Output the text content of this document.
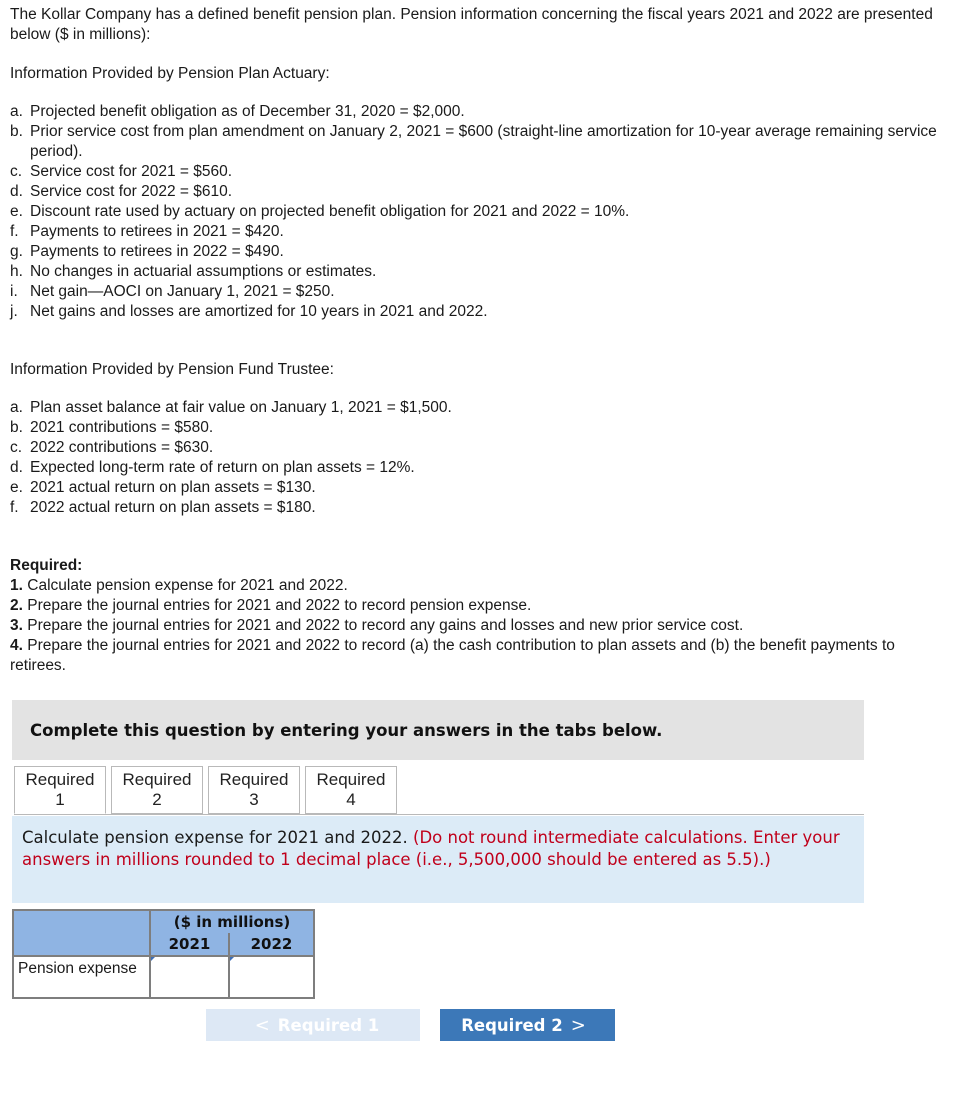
The Kollar Company has a defined benefit pension plan. Pension information concerning the fiscal years 2021 and 2022 are presented below ($ in millions):
Information Provided by Pension Plan Actuary:
a. Projected benefit obligation as of December 31, 2020 = $2,000.
b. Prior service cost from plan amendment on January 2, 2021 = $600 (straight-line amortization for 10-year average remaining service period).
c. Service cost for 2021 = $560.
d. Service cost for 2022 = $610.
e. Discount rate used by actuary on projected benefit obligation for 2021 and 2022 = 10%.
f. Payments to retirees in 2021 = $420.
g. Payments to retirees in 2022 = $490.
h. No changes in actuarial assumptions or estimates.
i. Net gain—AOCI on January 1, 2021 = $250.
j. Net gains and losses are amortized for 10 years in 2021 and 2022.
Information Provided by Pension Fund Trustee:
a. Plan asset balance at fair value on January 1, 2021 = $1,500.
b. 2021 contributions = $580.
c. 2022 contributions = $630.
d. Expected long-term rate of return on plan assets = 12%.
e. 2021 actual return on plan assets = $130.
f. 2022 actual return on plan assets = $180.
Required:
1. Calculate pension expense for 2021 and 2022.
2. Prepare the journal entries for 2021 and 2022 to record pension expense.
3. Prepare the journal entries for 2021 and 2022 to record any gains and losses and new prior service cost.
4. Prepare the journal entries for 2021 and 2022 to record (a) the cash contribution to plan assets and (b) the benefit payments to retirees.
Complete this question by entering your answers in the tabs below.
Required
1
Required
2
Required
3
Required
4
Calculate pension expense for 2021 and 2022. (Do not round intermediate calculations. Enter your answers in millions rounded to 1 decimal place (i.e., 5,500,000 should be entered as 5.5).)
	($ in millions)	
	2021	2022
Pension expense	

< Required 1	Required 2 >
